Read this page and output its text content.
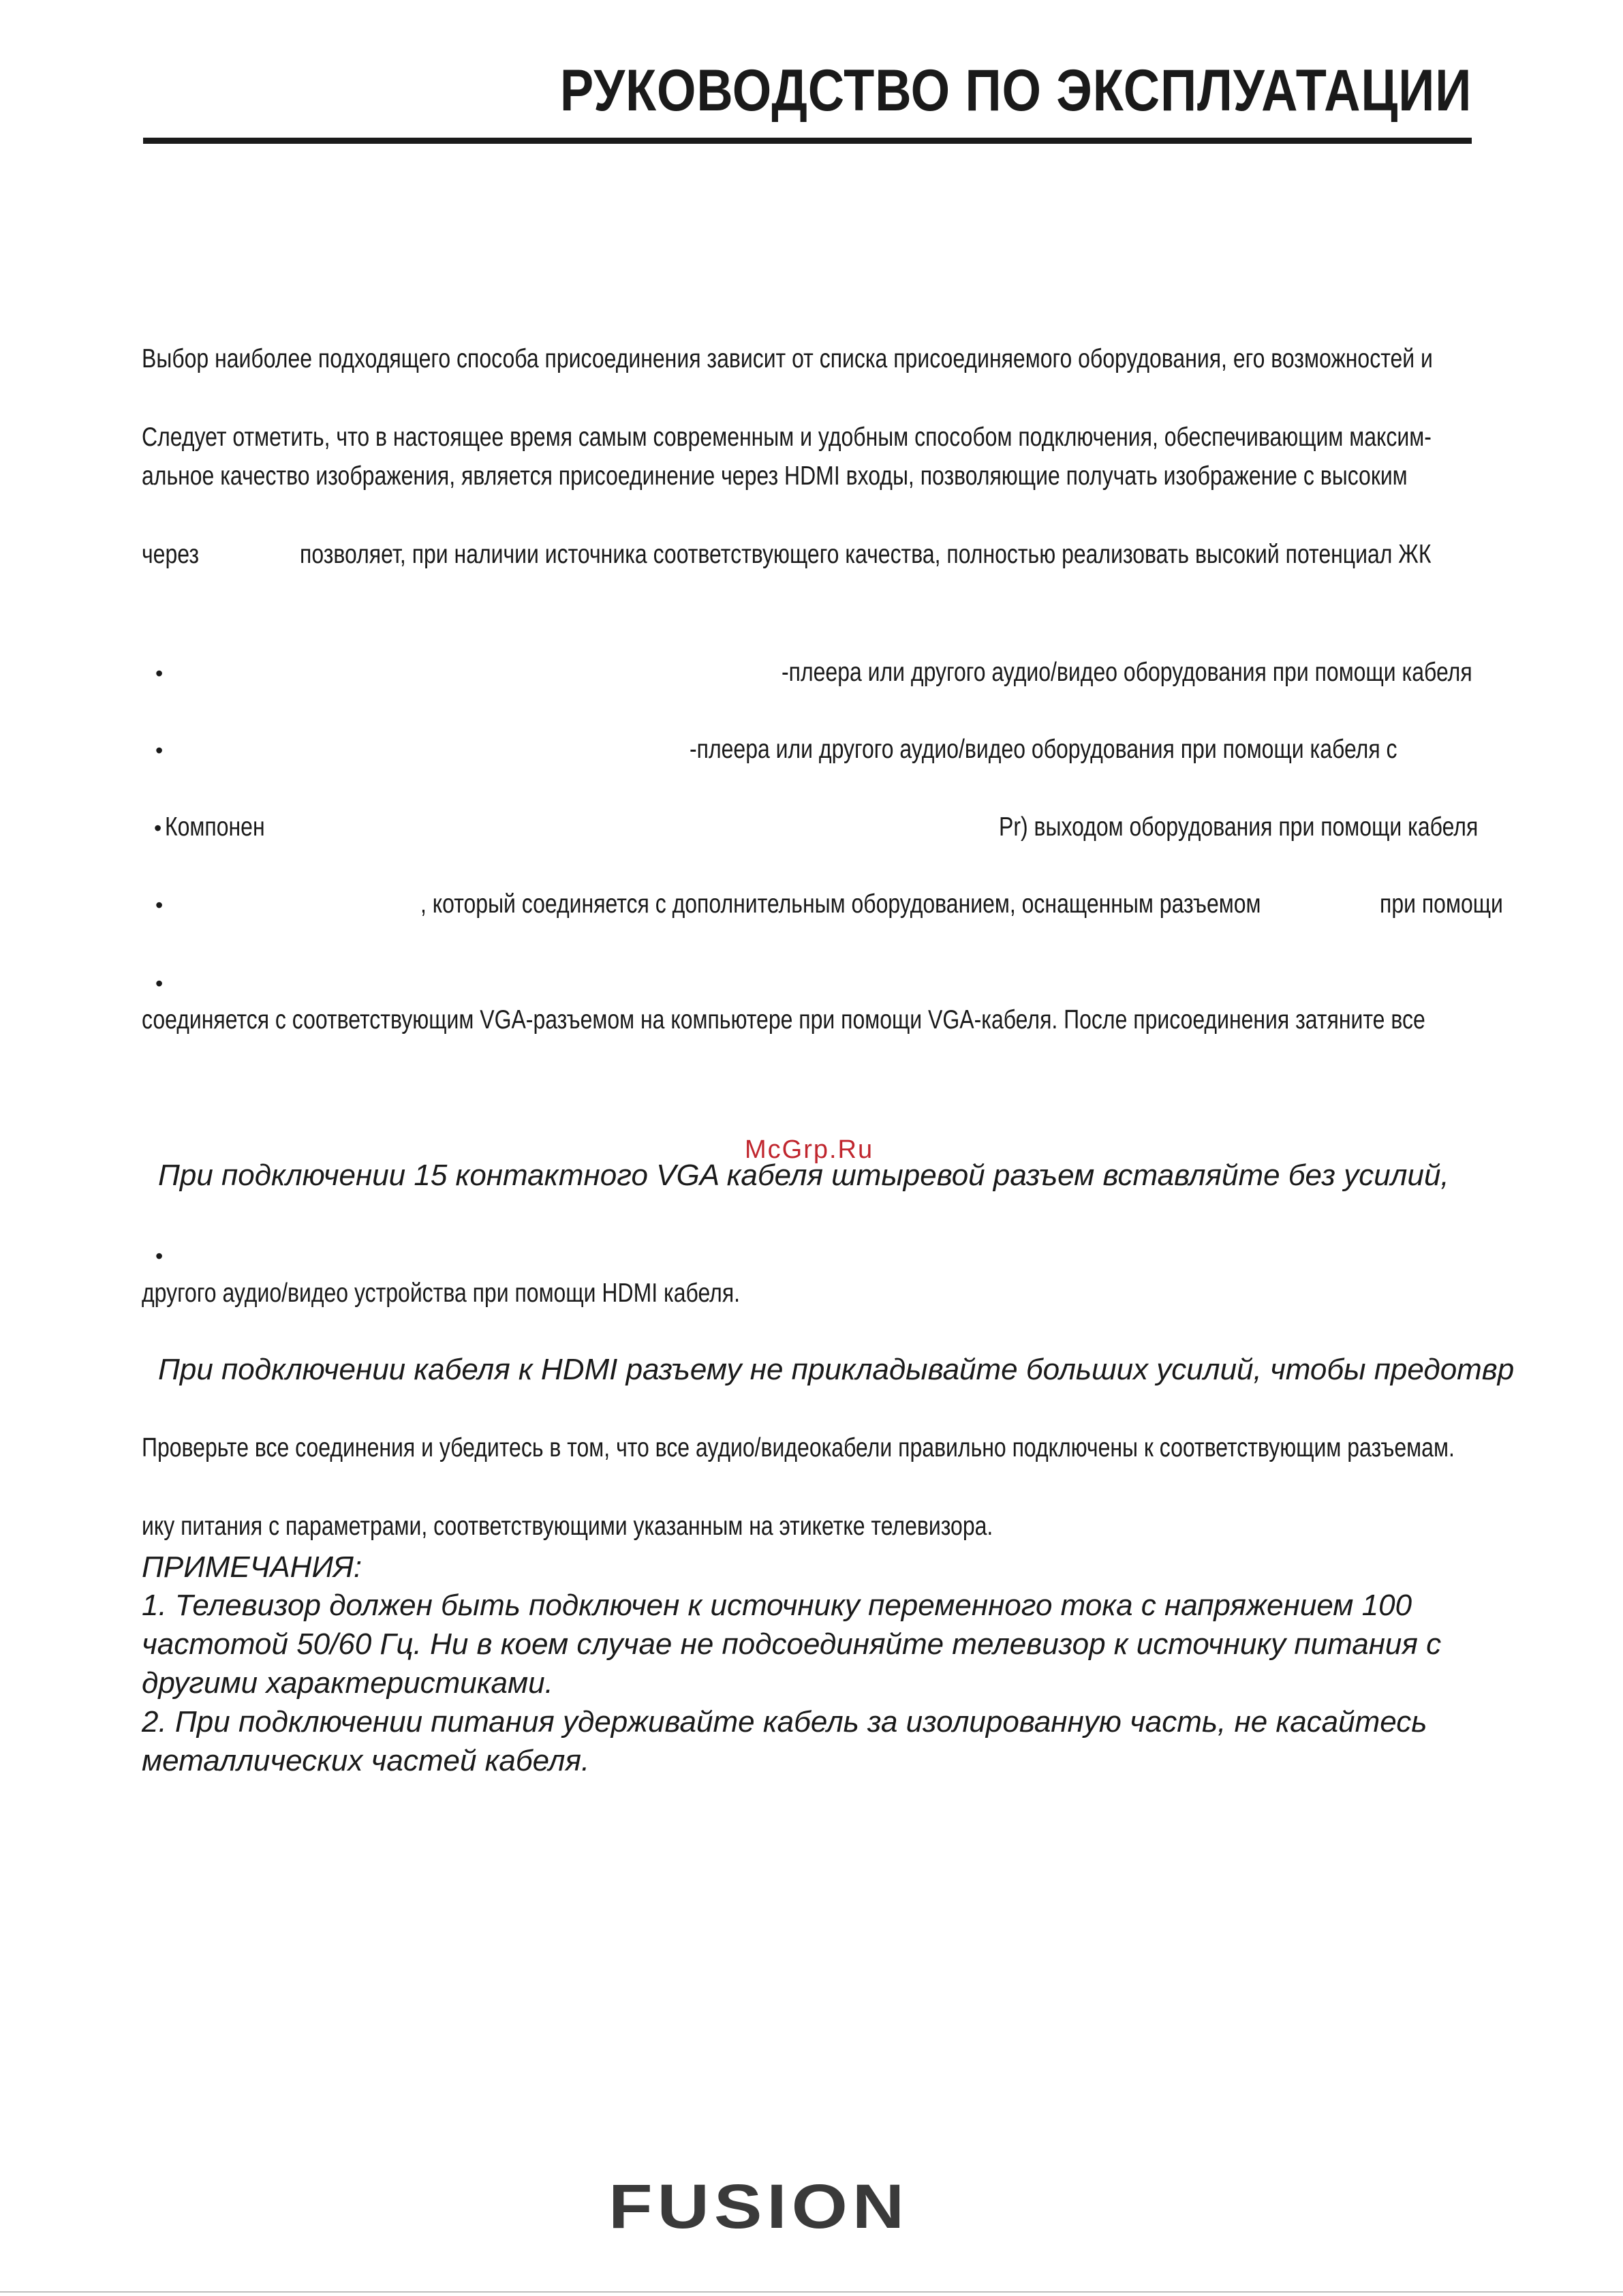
РУКОВОДСТВО ПО ЭКСПЛУАТАЦИИ
Выбор наиболее подходящего способа присоединения зависит от списка присоединяемого оборудования, его возможностей и
Следует отметить, что в настоящее время самым современным и удобным способом подключения, обеспечивающим максим-
альное качество изображения, является присоединение через HDMI входы, позволяющие получать изображение с высоким
через	позволяет, при наличии источника соответствующего качества, полностью реализовать высокий потенциал ЖК
•	-плеера или другого аудио/видео оборудования при помощи кабеля
•	-плеера или другого аудио/видео оборудования при помощи кабеля с
• Компонен	Pr) выходом оборудования при помощи кабеля
•	, который соединяется с дополнительным оборудованием, оснащенным разъемом	при помощи
•
соединяется с соответствующим VGA-разъемом на компьютере при помощи VGA-кабеля. После присоединения затяните все
McGrp.Ru
При подключении 15 контактного VGA кабеля штыревой разъем вставляйте без усилий,
•
другого аудио/видео устройства при помощи HDMI кабеля.
При подключении кабеля к HDMI разъему не прикладывайте больших усилий, чтобы предотвр
Проверьте все соединения и убедитесь в том, что все аудио/видеокабели правильно подключены к соответствующим разъемам.
ику питания с параметрами, соответствующими указанным на этикетке телевизора.
ПРИМЕЧАНИЯ:
1. Телевизор должен быть подключен к источнику переменного тока с напряжением 100
частотой 50/60 Гц. Ни в коем случае не подсоединяйте телевизор к источнику питания с
другими характеристиками.
2. При подключении питания удерживайте кабель за изолированную часть, не касайтесь
металлических частей кабеля.
FUSION
